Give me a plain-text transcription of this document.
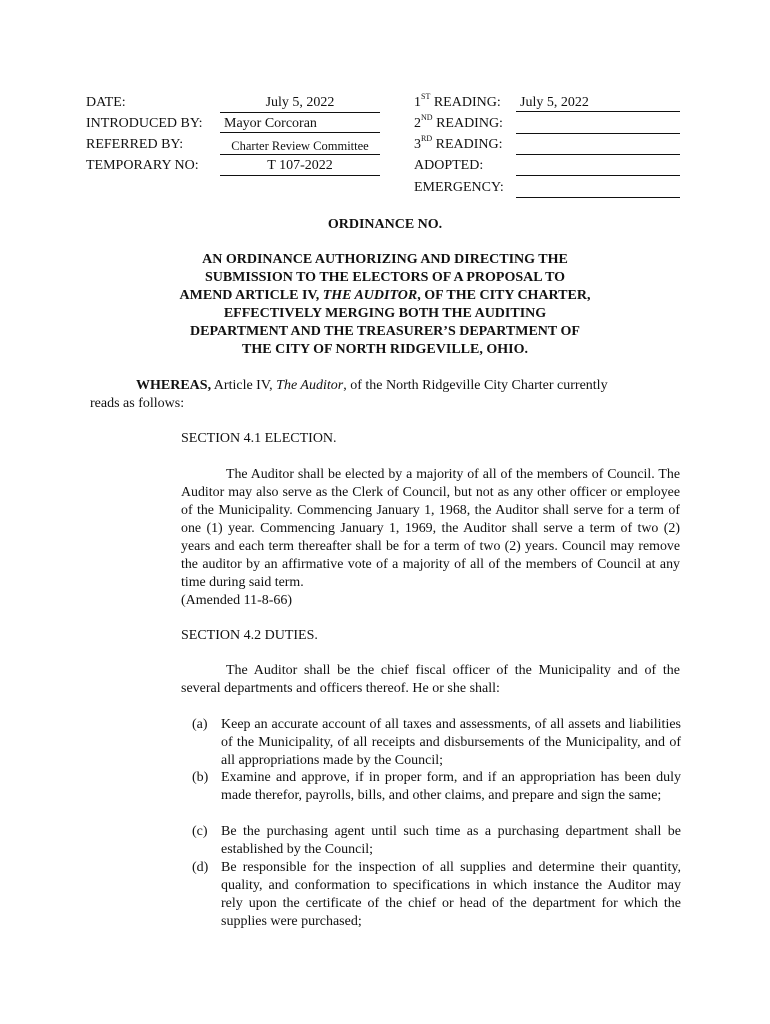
DATE:	July 5, 2022
INTRODUCED BY: Mayor Corcoran
REFERRED BY:	Charter Review Committee
TEMPORARY NO:	T 107-2022
1ST READING: July 5, 2022
2ND READING:
3RD READING:
ADOPTED:
EMERGENCY:
ORDINANCE NO.
AN ORDINANCE AUTHORIZING AND DIRECTING THE
SUBMISSION TO THE ELECTORS OF A PROPOSAL TO
AMEND ARTICLE IV, THE AUDITOR, OF THE CITY CHARTER,
EFFECTIVELY MERGING BOTH THE AUDITING
DEPARTMENT AND THE TREASURER’S DEPARTMENT OF
THE CITY OF NORTH RIDGEVILLE, OHIO.
WHEREAS, Article IV, The Auditor, of the North Ridgeville City Charter currently
reads as follows:
SECTION 4.1 ELECTION.
The Auditor shall be elected by a majority of all of the members of Council. The Auditor may also serve as the Clerk of Council, but not as any other officer or employee of the Municipality. Commencing January 1, 1968, the Auditor shall serve for a term of one (1) year. Commencing January 1, 1969, the Auditor shall serve a term of two (2) years and each term thereafter shall be for a term of two (2) years. Council may remove the auditor by an affirmative vote of a majority of all of the members of Council at any time during said term.
(Amended 11-8-66)
SECTION 4.2 DUTIES.
The Auditor shall be the chief fiscal officer of the Municipality and of the several departments and officers thereof. He or she shall:
(a) Keep an accurate account of all taxes and assessments, of all assets and liabilities of the Municipality, of all receipts and disbursements of the Municipality, and of all appropriations made by the Council;
(b) Examine and approve, if in proper form, and if an appropriation has been duly made therefor, payrolls, bills, and other claims, and prepare and sign the same;
(c) Be the purchasing agent until such time as a purchasing department shall be established by the Council;
(d) Be responsible for the inspection of all supplies and determine their quantity, quality, and conformation to specifications in which instance the Auditor may rely upon the certificate of the chief or head of the department for which the supplies were purchased;
